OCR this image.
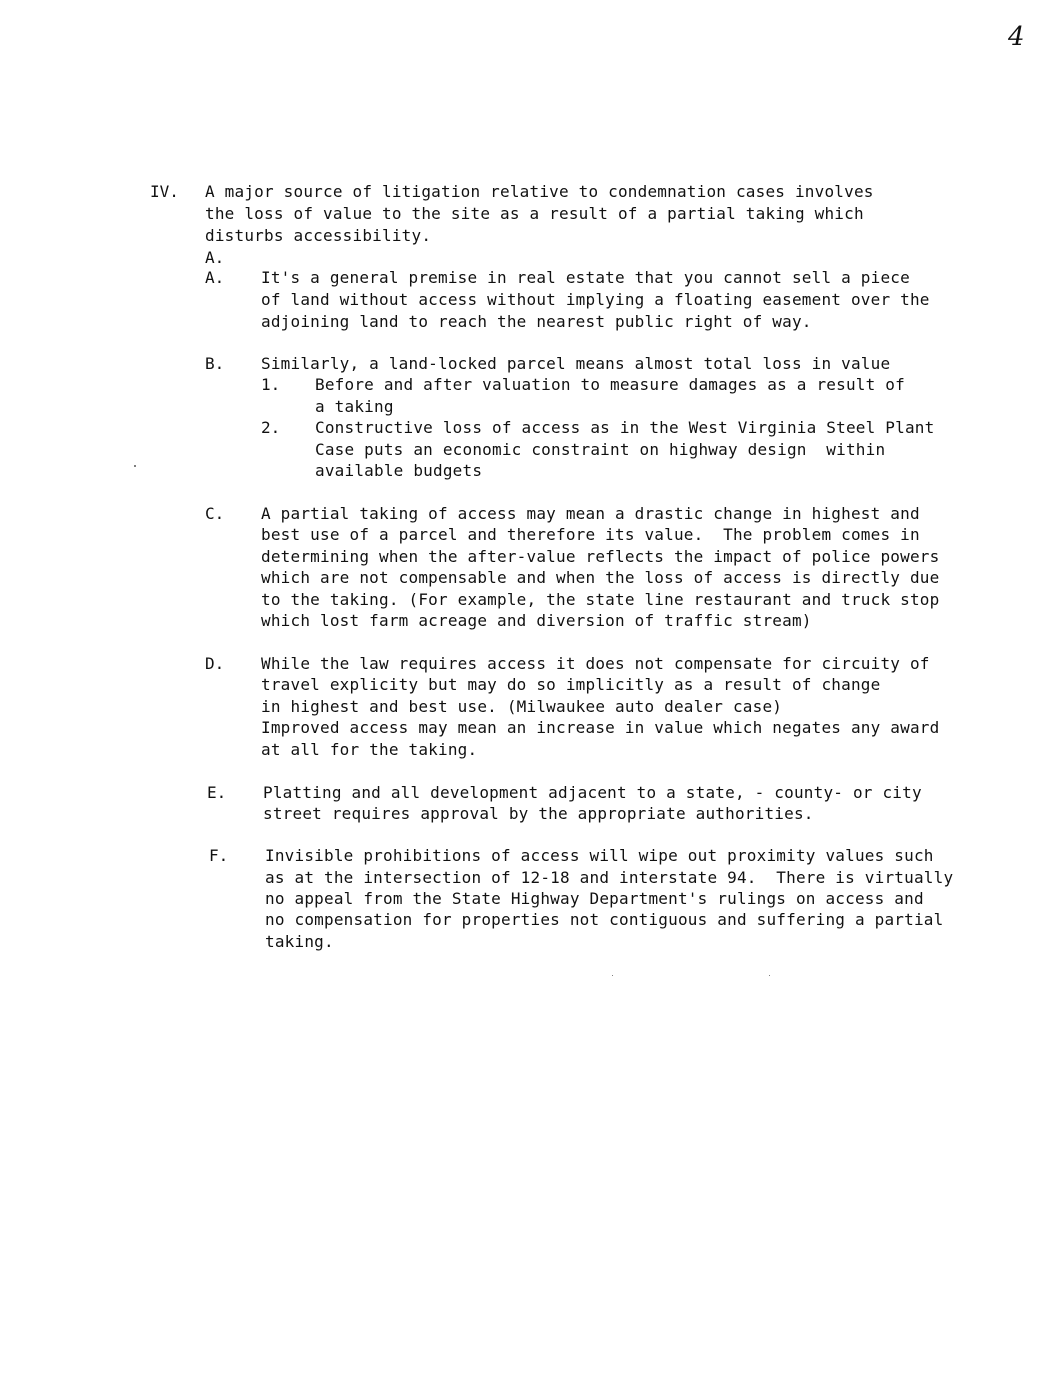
4
IV. A major source of litigation relative to condemnation cases involves
the loss of value to the site as a result of a partial taking which
disturbs accessibility.
A.
A. It's a general premise in real estate that you cannot sell a piece
of land without access without implying a floating easement over the
adjoining land to reach the nearest public right of way.
B. Similarly, a land-locked parcel means almost total loss in value
1. Before and after valuation to measure damages as a result of
a taking
2. Constructive loss of access as in the West Virginia Steel Plant
Case puts an economic constraint on highway design  within
available budgets
C. A partial taking of access may mean a drastic change in highest and
best use of a parcel and therefore its value.  The problem comes in
determining when the after-value reflects the impact of police powers
which are not compensable and when the loss of access is directly due
to the taking. (For example, the state line restaurant and truck stop
which lost farm acreage and diversion of traffic stream)
D. While the law requires access it does not compensate for circuity of
travel explicity but may do so implicitly as a result of change
in highest and best use. (Milwaukee auto dealer case)
Improved access may mean an increase in value which negates any award
at all for the taking.
E. Platting and all development adjacent to a state, - county- or city
street requires approval by the appropriate authorities.
F. Invisible prohibitions of access will wipe out proximity values such
as at the intersection of 12-18 and interstate 94.  There is virtually
no appeal from the State Highway Department's rulings on access and
no compensation for properties not contiguous and suffering a partial
taking.
